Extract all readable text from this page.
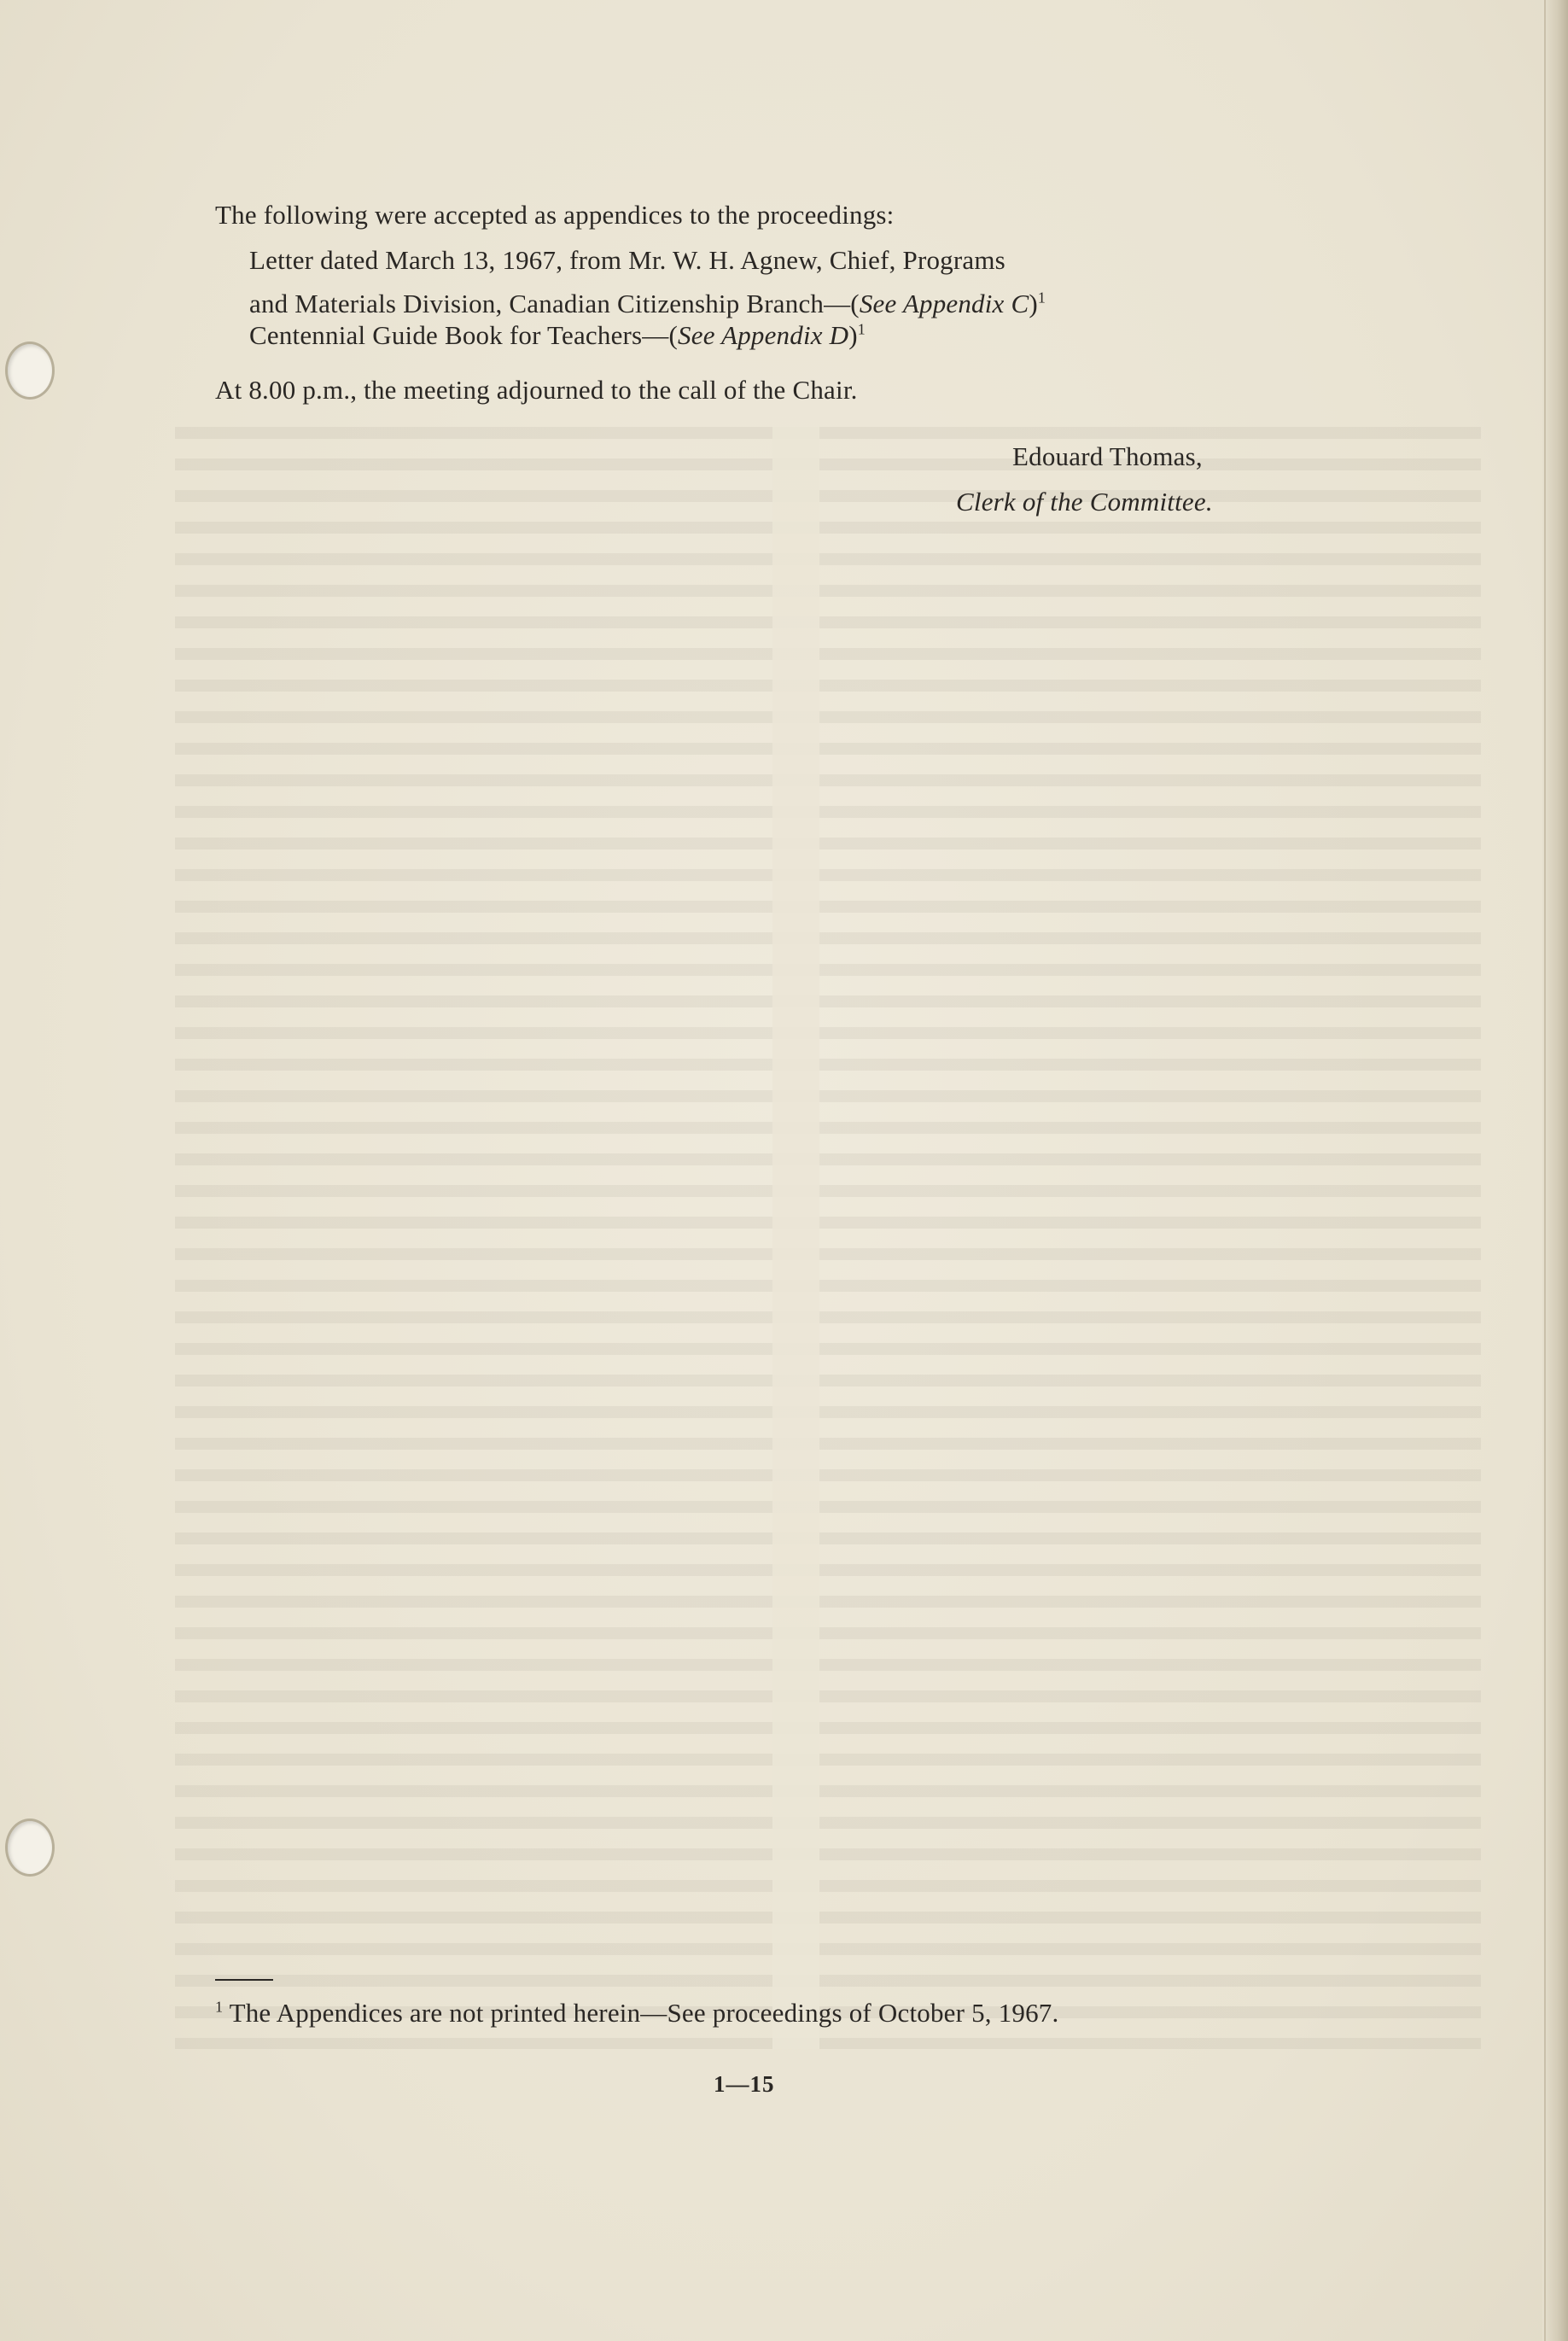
The following were accepted as appendices to the proceedings:
Letter dated March 13, 1967, from Mr. W. H. Agnew, Chief, Programs
and Materials Division, Canadian Citizenship Branch—(See Appendix C)$^1$
Centennial Guide Book for Teachers—(See Appendix D)$^1$
At 8.00 p.m., the meeting adjourned to the call of the Chair.
Edouard Thomas,
Clerk of the Committee.
$^1$ The Appendices are not printed herein—See proceedings of October 5, 1967.
1—15
